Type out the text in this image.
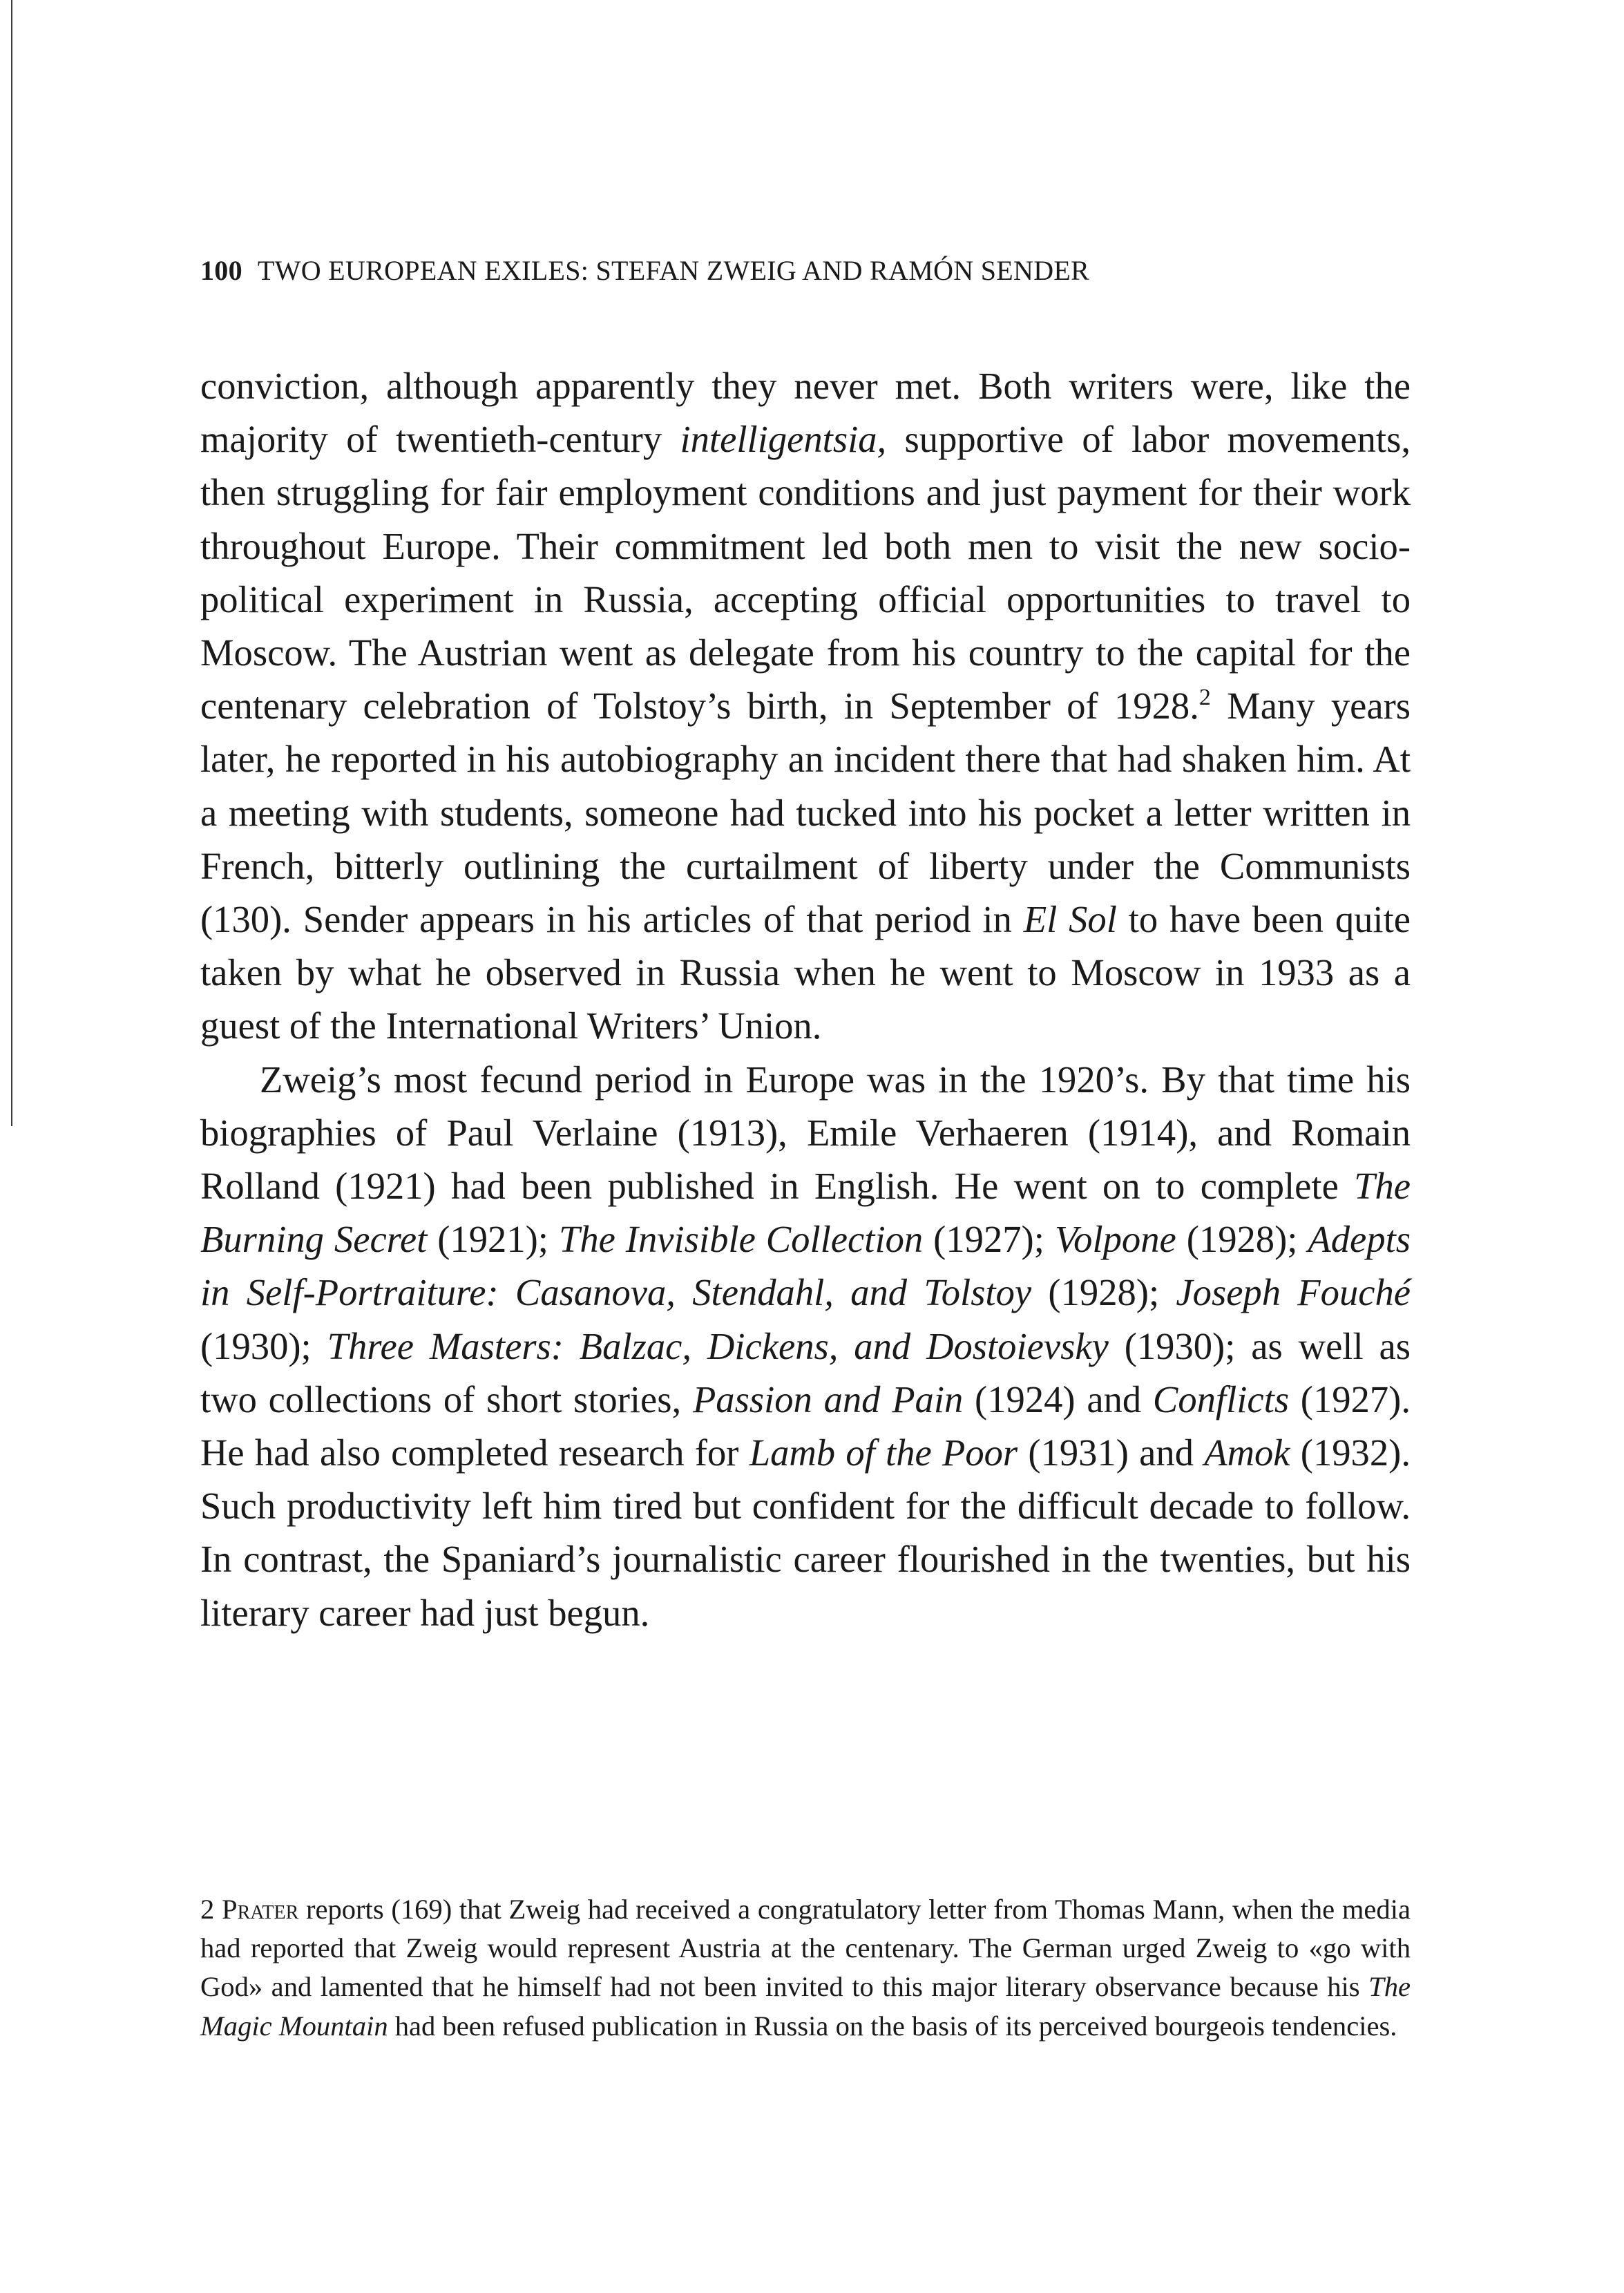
100 TWO EUROPEAN EXILES: STEFAN ZWEIG AND RAMÓN SENDER

conviction, although apparently they never met. Both writers were, like the majority of twentieth-century intelligentsia, supportive of labor movements, then struggling for fair employment conditions and just payment for their work throughout Europe. Their commitment led both men to visit the new socio-political experiment in Russia, accepting official opportunities to travel to Moscow. The Austrian went as delegate from his country to the capital for the centenary celebration of Tolstoy’s birth, in September of 1928.$^2$ Many years later, he reported in his autobiography an incident there that had shaken him. At a meeting with students, someone had tucked into his pocket a letter written in French, bitterly outlining the curtailment of liberty under the Communists (130). Sender appears in his articles of that period in El Sol to have been quite taken by what he observed in Russia when he went to Moscow in 1933 as a guest of the International Writers’ Union.

Zweig’s most fecund period in Europe was in the 1920’s. By that time his biographies of Paul Verlaine (1913), Emile Verhaeren (1914), and Romain Rolland (1921) had been published in English. He went on to complete The Burning Secret (1921); The Invisible Collection (1927); Volpone (1928); Adepts in Self-Portraiture: Casanova, Stendahl, and Tolstoy (1928); Joseph Fouché (1930); Three Masters: Balzac, Dickens, and Dostoievsky (1930); as well as two collections of short stories, Passion and Pain (1924) and Conflicts (1927). He had also completed research for Lamb of the Poor (1931) and Amok (1932). Such productivity left him tired but confident for the difficult decade to follow. In contrast, the Spaniard’s journalistic career flourished in the twenties, but his literary career had just begun.

2 Prater reports (169) that Zweig had received a congratulatory letter from Thomas Mann, when the media had reported that Zweig would represent Austria at the centenary. The German urged Zweig to «go with God» and lamented that he himself had not been invited to this major literary observance because his The Magic Mountain had been refused publication in Russia on the basis of its perceived bourgeois tendencies.
